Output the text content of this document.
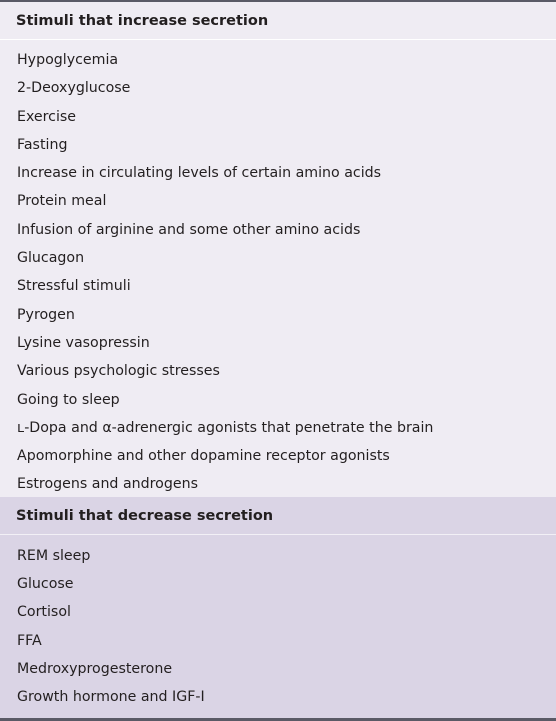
Stimuli that increase secretion
Hypoglycemia
2-Deoxyglucose
Exercise
Fasting
Increase in circulating levels of certain amino acids
Protein meal
Infusion of arginine and some other amino acids
Glucagon
Stressful stimuli
Pyrogen
Lysine vasopressin
Various psychologic stresses
Going to sleep
ʟ-Dopa and α-adrenergic agonists that penetrate the brain
Apomorphine and other dopamine receptor agonists
Estrogens and androgens
Stimuli that decrease secretion
REM sleep
Glucose
Cortisol
FFA
Medroxyprogesterone
Growth hormone and IGF-I
